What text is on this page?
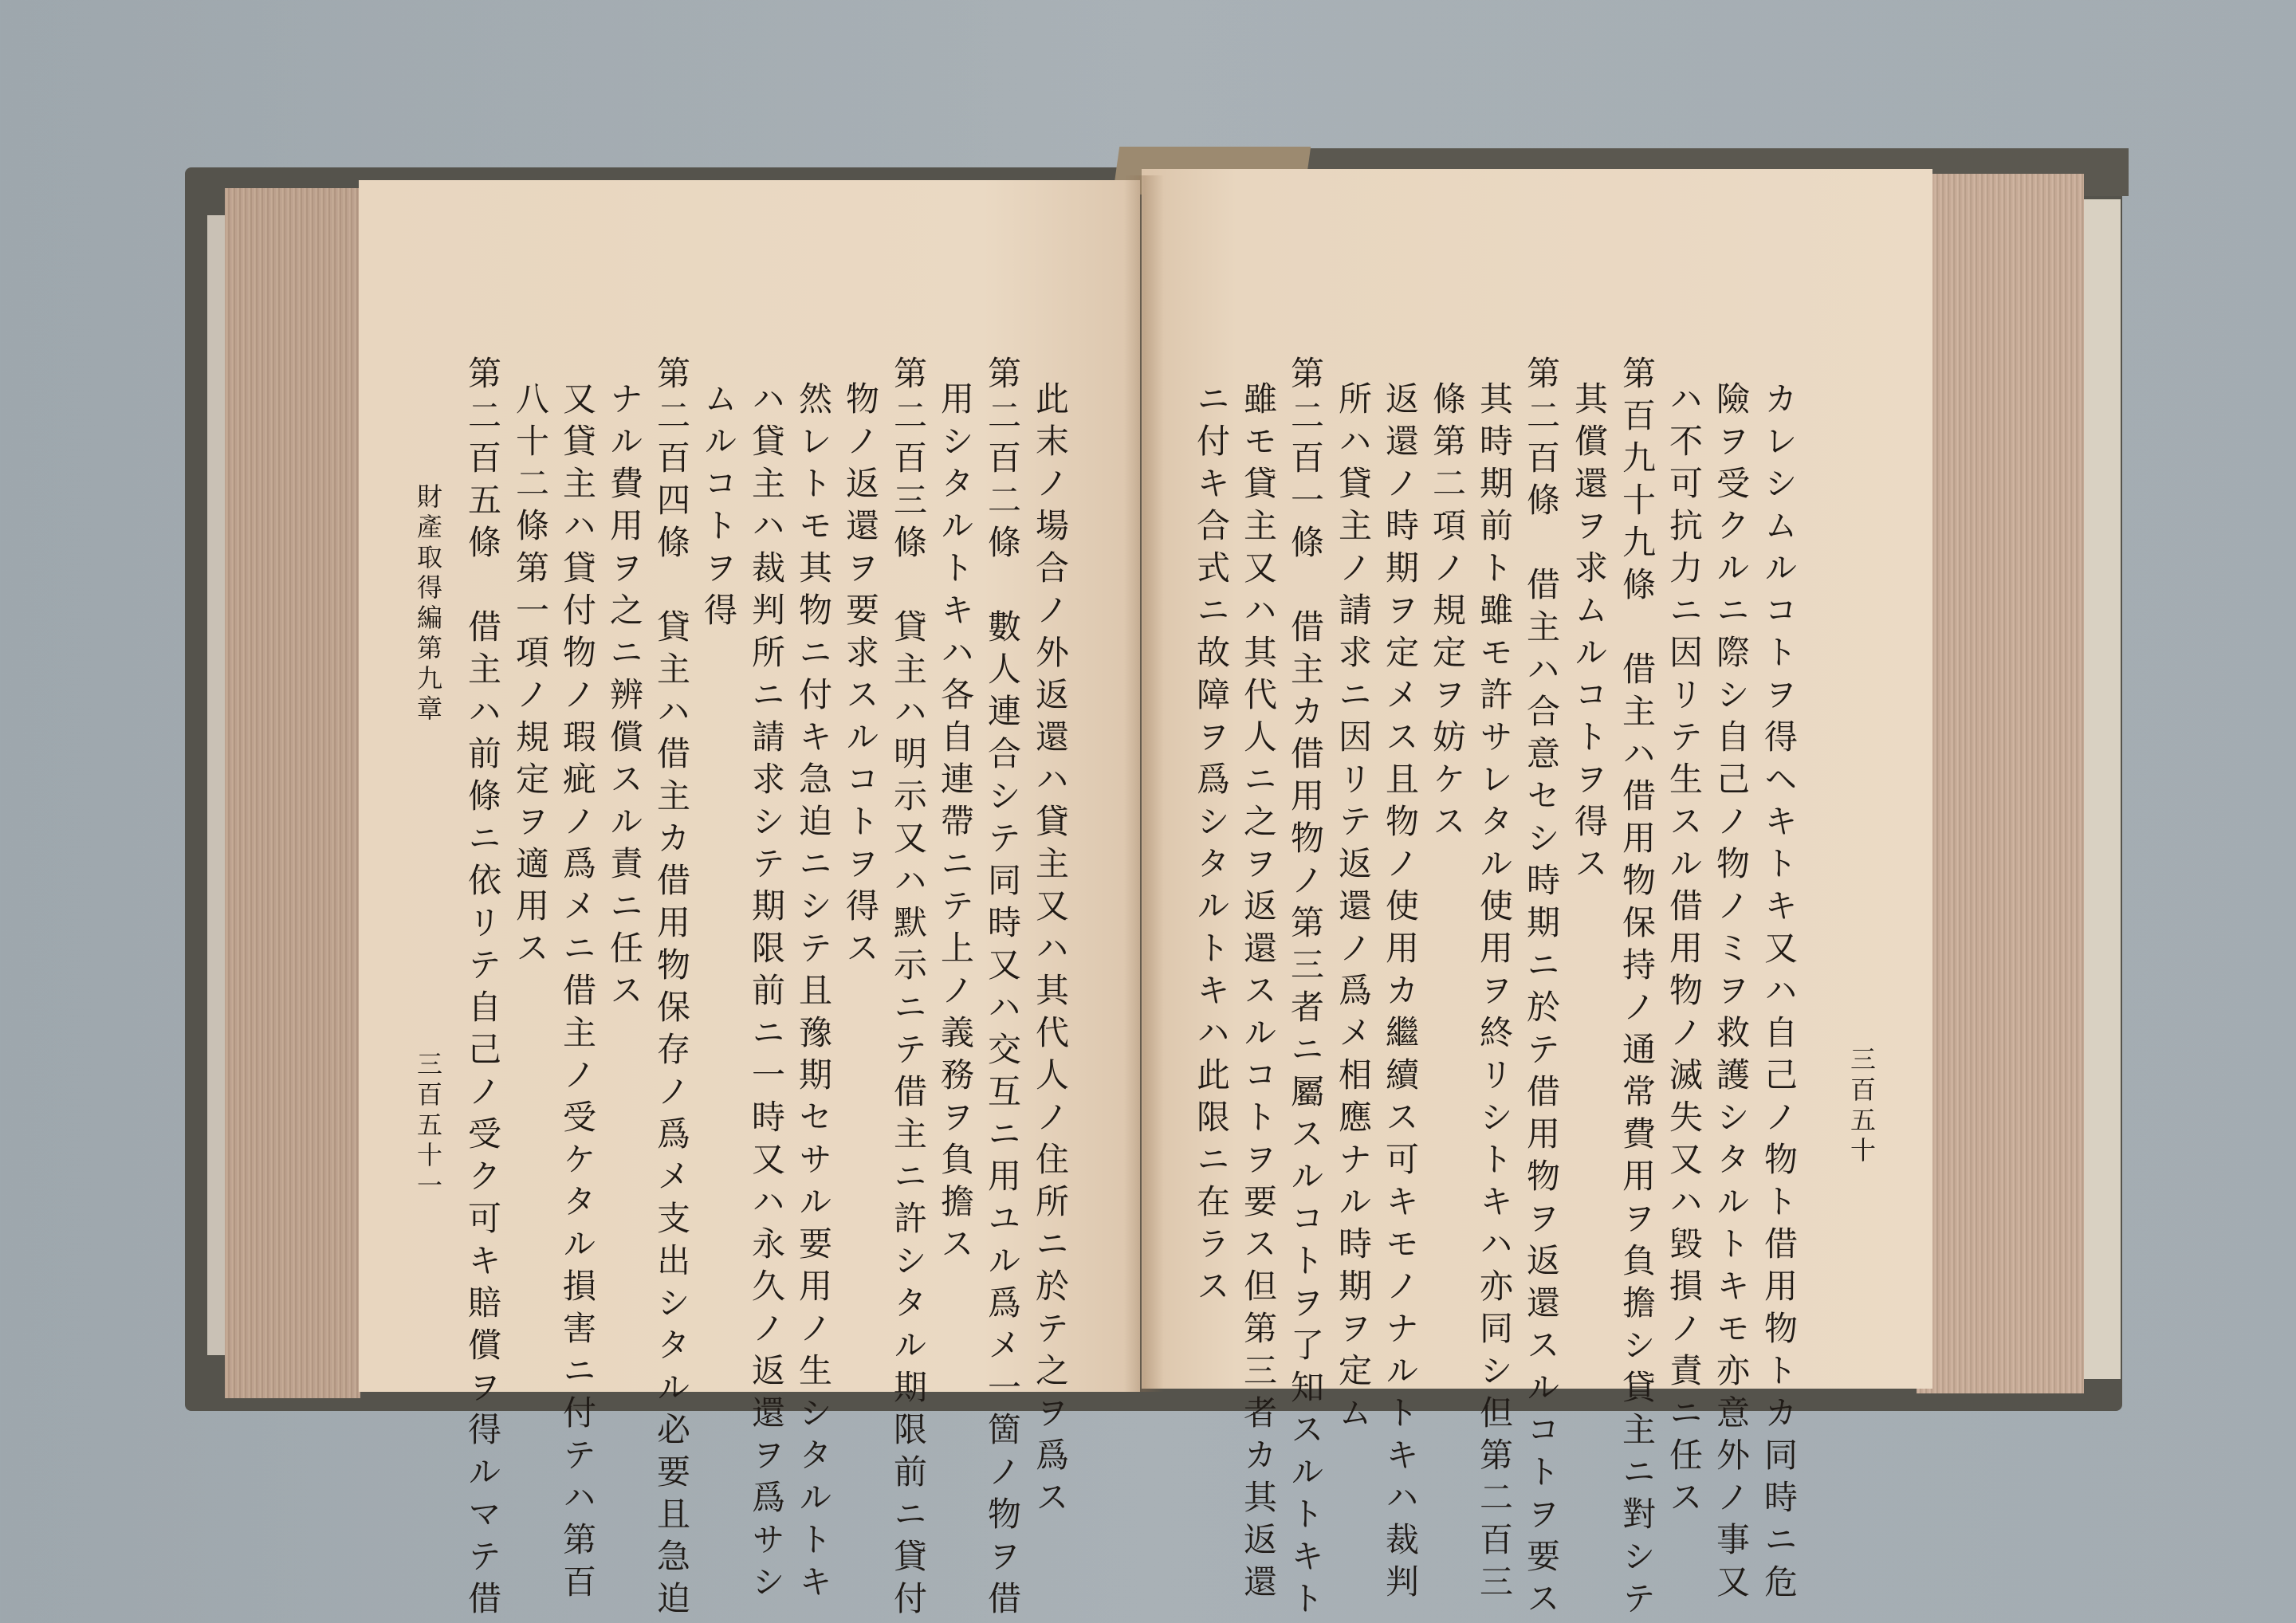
三百五十
カレシムルコトヲ得ヘキトキ又ハ自己ノ物ト借用物トカ同時ニ危
險ヲ受クルニ際シ自己ノ物ノミヲ救護シタルトキモ亦意外ノ事又
ハ不可抗力ニ因リテ生スル借用物ノ滅失又ハ毀損ノ責ニ任ス
第百九十九條　借主ハ借用物保持ノ通常費用ヲ負擔シ貸主ニ對シテ
其償還ヲ求ムルコトヲ得ス
第二百條　借主ハ合意セシ時期ニ於テ借用物ヲ返還スルコトヲ要ス
其時期前ト雖モ許サレタル使用ヲ終リシトキハ亦同シ但第二百三
條第二項ノ規定ヲ妨ケス
返還ノ時期ヲ定メス且物ノ使用カ繼續ス可キモノナルトキハ裁判
所ハ貸主ノ請求ニ因リテ返還ノ爲メ相應ナル時期ヲ定ム
第二百一條　借主カ借用物ノ第三者ニ屬スルコトヲ了知スルトキト
雖モ貸主又ハ其代人ニ之ヲ返還スルコトヲ要ス但第三者カ其返還
ニ付キ合式ニ故障ヲ爲シタルトキハ此限ニ在ラス
此末ノ場合ノ外返還ハ貸主又ハ其代人ノ住所ニ於テ之ヲ爲ス
第二百二條　數人連合シテ同時又ハ交互ニ用ユル爲メ一箇ノ物ヲ借
用シタルトキハ各自連帶ニテ上ノ義務ヲ負擔ス
第二百三條　貸主ハ明示又ハ默示ニテ借主ニ許シタル期限前ニ貸付
物ノ返還ヲ要求スルコトヲ得ス
然レトモ其物ニ付キ急迫ニシテ且豫期セサル要用ノ生シタルトキ
ハ貸主ハ裁判所ニ請求シテ期限前ニ一時又ハ永久ノ返還ヲ爲サシ
ムルコトヲ得
第二百四條　貸主ハ借主カ借用物保存ノ爲メ支出シタル必要且急迫
ナル費用ヲ之ニ辨償スル責ニ任ス
又貸主ハ貸付物ノ瑕疵ノ爲メニ借主ノ受ケタル損害ニ付テハ第百
八十二條第一項ノ規定ヲ適用ス
第二百五條　借主ハ前條ニ依リテ自己ノ受ク可キ賠償ヲ得ルマテ借
財產取得編第九章
三百五十一
